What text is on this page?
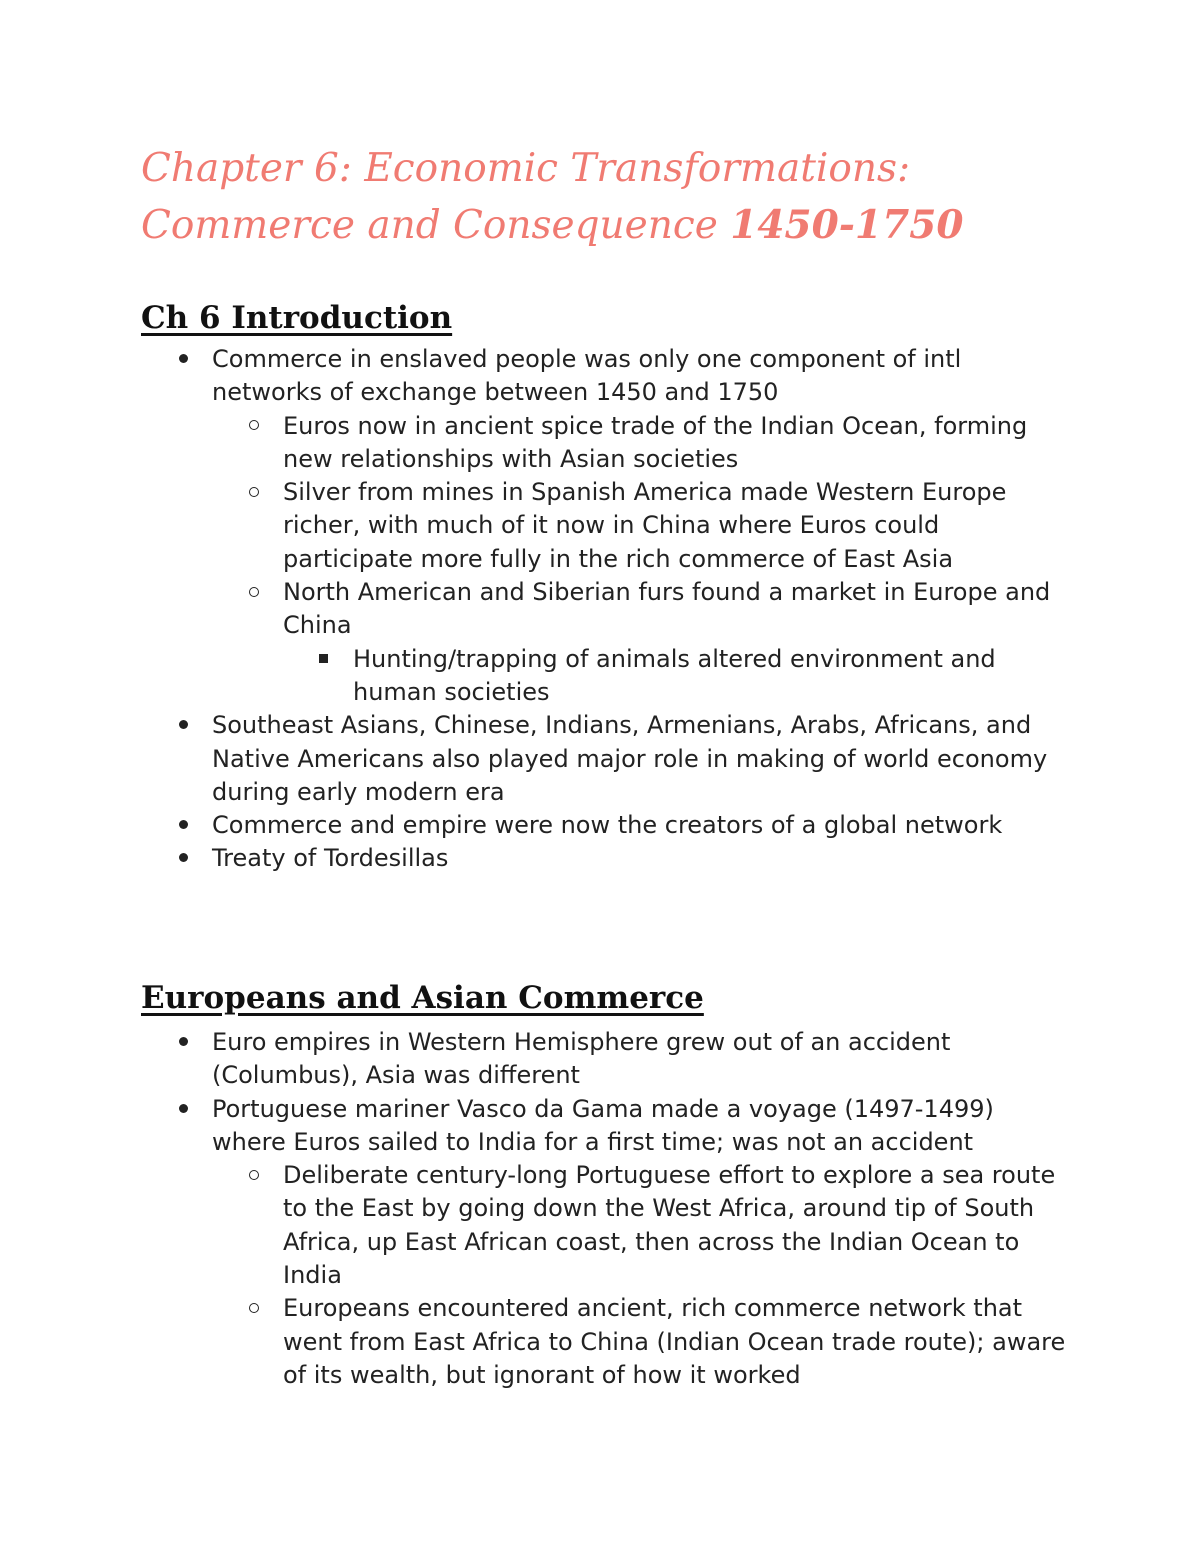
Chapter 6: Economic Transformations: Commerce and Consequence 1450-1750
Ch 6 Introduction
Commerce in enslaved people was only one component of intl networks of exchange between 1450 and 1750
Euros now in ancient spice trade of the Indian Ocean, forming new relationships with Asian societies
Silver from mines in Spanish America made Western Europe richer, with much of it now in China where Euros could participate more fully in the rich commerce of East Asia
North American and Siberian furs found a market in Europe and China
Hunting/trapping of animals altered environment and human societies
Southeast Asians, Chinese, Indians, Armenians, Arabs, Africans, and Native Americans also played major role in making of world economy during early modern era
Commerce and empire were now the creators of a global network
Treaty of Tordesillas
Europeans and Asian Commerce
Euro empires in Western Hemisphere grew out of an accident (Columbus), Asia was different
Portuguese mariner Vasco da Gama made a voyage (1497-1499) where Euros sailed to India for a first time; was not an accident
Deliberate century-long Portuguese effort to explore a sea route to the East by going down the West Africa, around tip of South Africa, up East African coast, then across the Indian Ocean to India
Europeans encountered ancient, rich commerce network that went from East Africa to China (Indian Ocean trade route); aware of its wealth, but ignorant of how it worked
